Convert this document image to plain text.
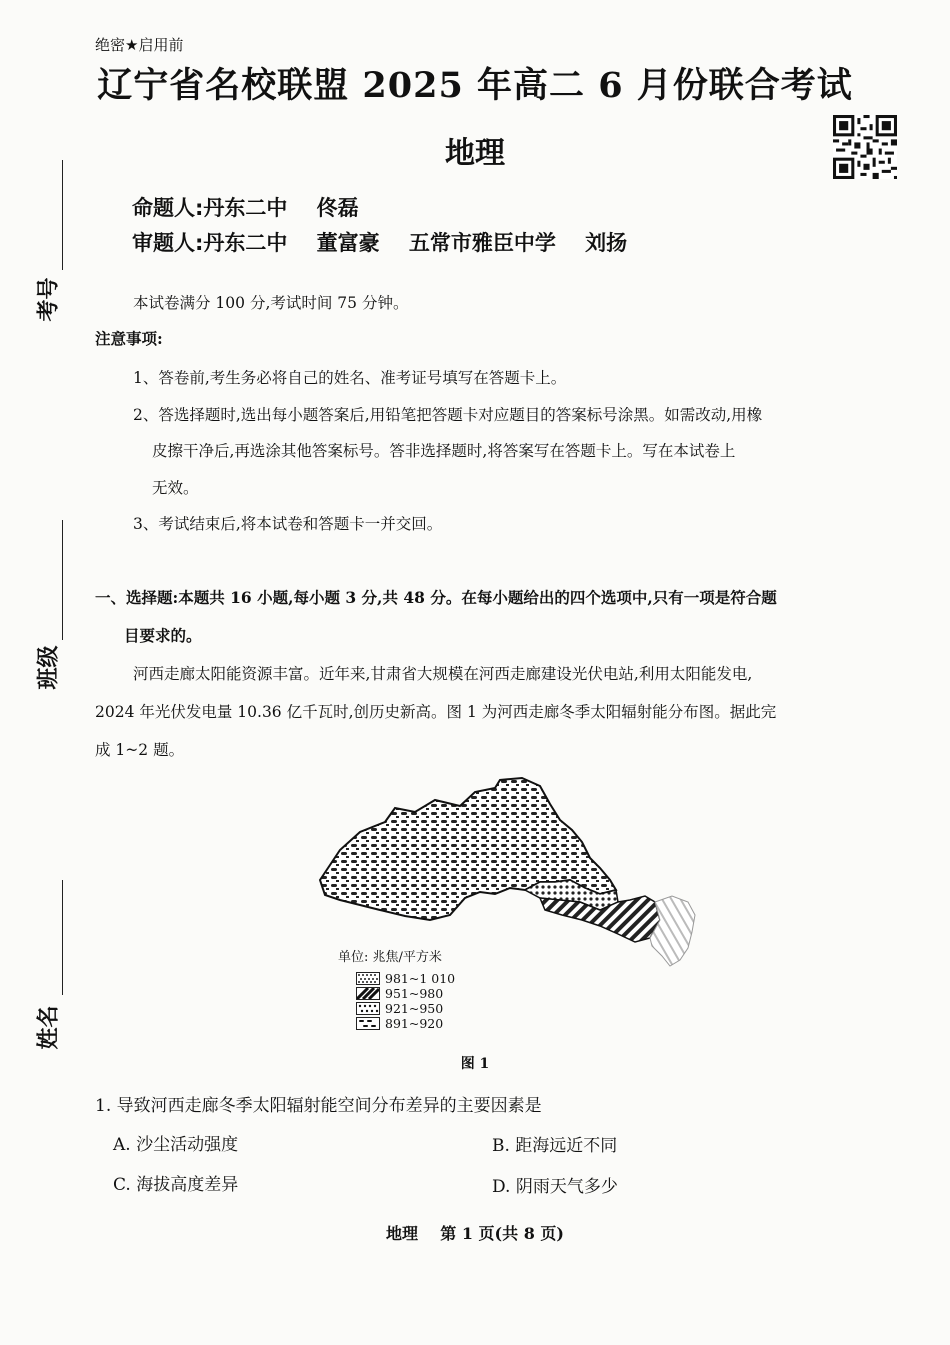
绝密★启用前
辽宁省名校联盟 2025 年高二 6 月份联合考试
地理
命题人:丹东二中    佟磊
审题人:丹东二中    董富豪    五常市雅臣中学    刘扬
考号
班级
姓名
本试卷满分 100 分,考试时间 75 分钟。
注意事项:
1、答卷前,考生务必将自己的姓名、准考证号填写在答题卡上。
2、答选择题时,选出每小题答案后,用铅笔把答题卡对应题目的答案标号涂黑。如需改动,用橡
皮擦干净后,再选涂其他答案标号。答非选择题时,将答案写在答题卡上。写在本试卷上
无效。
3、考试结束后,将本试卷和答题卡一并交回。
一、选择题:本题共 16 小题,每小题 3 分,共 48 分。在每小题给出的四个选项中,只有一项是符合题
目要求的。
河西走廊太阳能资源丰富。近年来,甘肃省大规模在河西走廊建设光伏电站,利用太阳能发电,
2024 年光伏发电量 10.36 亿千瓦时,创历史新高。图 1 为河西走廊冬季太阳辐射能分布图。据此完
成 1~2 题。
单位: 兆焦/平方米
981~1 010
951~980
921~950
891~920
图 1
1. 导致河西走廊冬季太阳辐射能空间分布差异的主要因素是
A. 沙尘活动强度	B. 距海远近不同
C. 海拔高度差异	D. 阴雨天气多少
地理    第 1 页(共 8 页)
